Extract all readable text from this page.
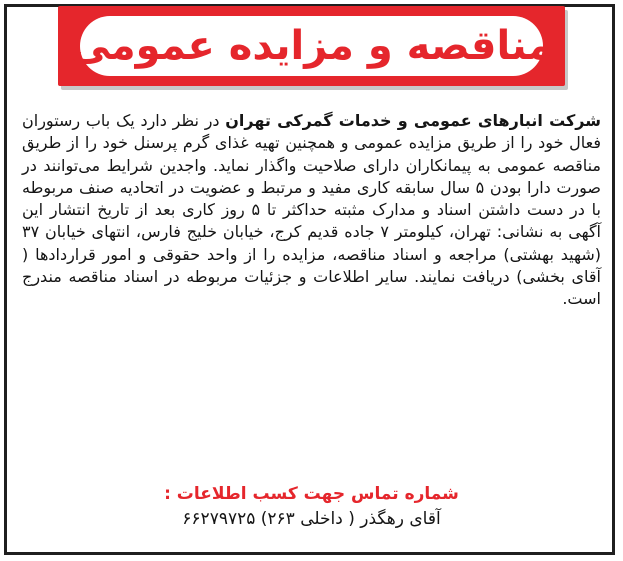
مناقصه و مزایده عمومی
شرکت انبارهای عمومی و خدمات گمرکی تهران در نظر دارد یک باب رستوران فعال خود را از طریق مزایده عمومی و همچنین تهیه غذای گرم پرسنل خود را از طریق مناقصه عمومی به پیمانکاران دارای صلاحیت واگذار نماید. واجدین شرایط می‌توانند در صورت دارا بودن ۵ سال سابقه کاری مفید و مرتبط و عضویت در اتحادیه صنف مربوطه با در دست داشتن اسناد و مدارک مثبته حداکثر تا ۵ روز کاری بعد از تاریخ انتشار این آگهی به نشانی: تهران، کیلومتر ۷ جاده قدیم کرج، خیابان خلیج فارس، انتهای خیابان ۳۷ (شهید بهشتی) مراجعه و اسناد مناقصه، مزایده را از واحد حقوقی و امور قراردادها ( آقای بخشی) دریافت نمایند. سایر اطلاعات و جزئیات مربوطه در اسناد مناقصه مندرج است.
شماره تماس جهت کسب اطلاعات :
آقای رهگذر ( داخلی ۲۶۳) ۶۶۲۷۹۷۲۵
